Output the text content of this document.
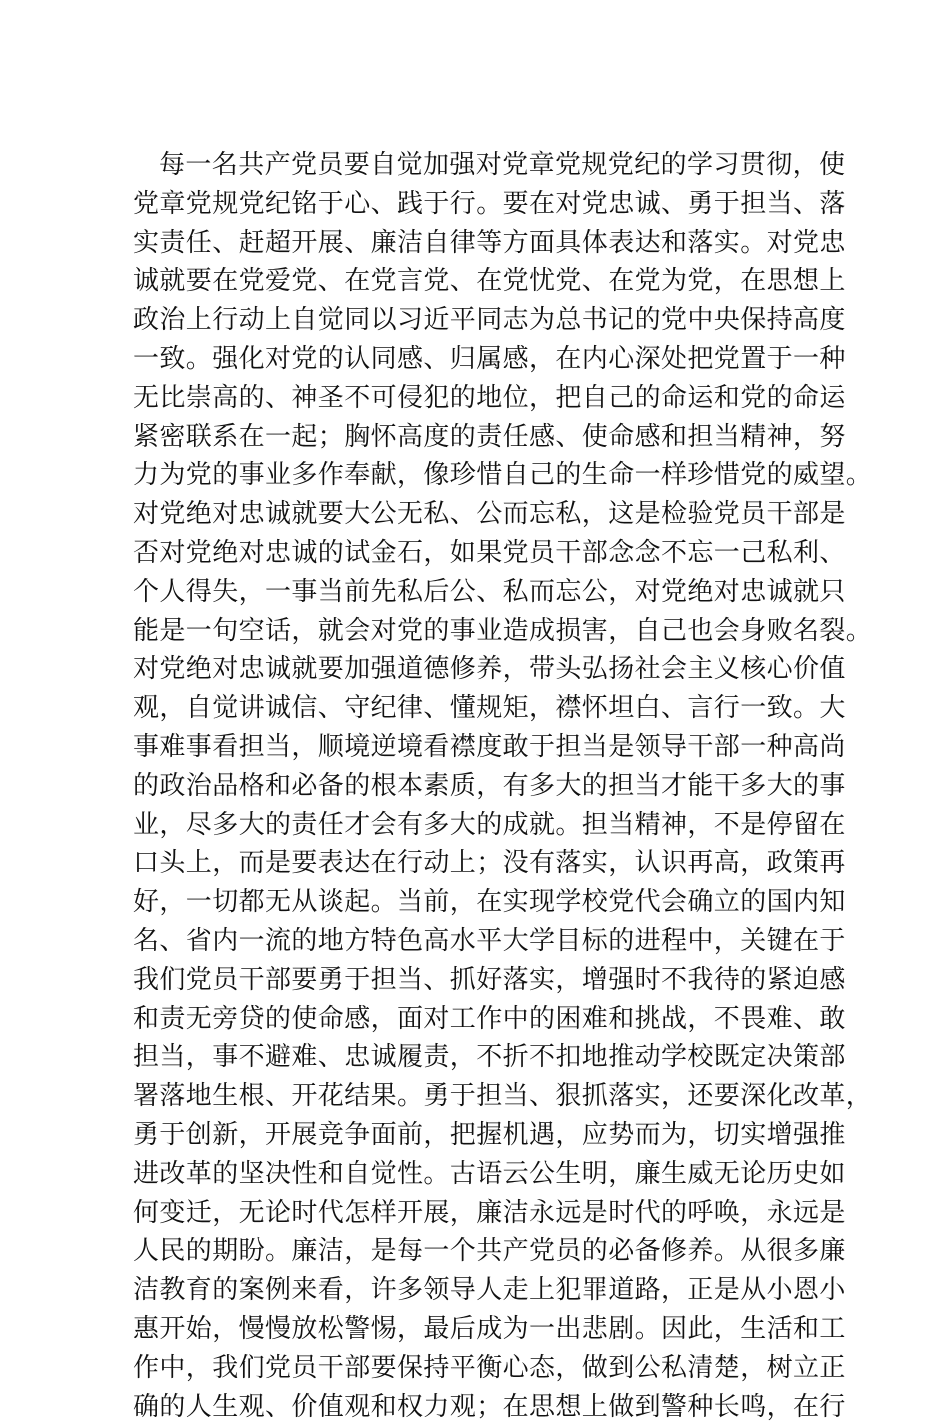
每一名共产党员要自觉加强对党章党规党纪的学习贯彻，使
党章党规党纪铭于心、践于行。要在对党忠诚、勇于担当、落
实责任、赶超开展、廉洁自律等方面具体表达和落实。对党忠
诚就要在党爱党、在党言党、在党忧党、在党为党，在思想上
政治上行动上自觉同以习近平同志为总书记的党中央保持高度
一致。强化对党的认同感、归属感，在内心深处把党置于一种
无比崇高的、神圣不可侵犯的地位，把自己的命运和党的命运
紧密联系在一起；胸怀高度的责任感、使命感和担当精神，努
力为党的事业多作奉献，像珍惜自己的生命一样珍惜党的威望。
对党绝对忠诚就要大公无私、公而忘私，这是检验党员干部是
否对党绝对忠诚的试金石，如果党员干部念念不忘一己私利、
个人得失，一事当前先私后公、私而忘公，对党绝对忠诚就只
能是一句空话，就会对党的事业造成损害，自己也会身败名裂。
对党绝对忠诚就要加强道德修养，带头弘扬社会主义核心价值
观，自觉讲诚信、守纪律、懂规矩，襟怀坦白、言行一致。大
事难事看担当，顺境逆境看襟度敢于担当是领导干部一种高尚
的政治品格和必备的根本素质，有多大的担当才能干多大的事
业，尽多大的责任才会有多大的成就。担当精神，不是停留在
口头上，而是要表达在行动上；没有落实，认识再高，政策再
好，一切都无从谈起。当前，在实现学校党代会确立的国内知
名、省内一流的地方特色高水平大学目标的进程中，关键在于
我们党员干部要勇于担当、抓好落实，增强时不我待的紧迫感
和责无旁贷的使命感，面对工作中的困难和挑战，不畏难、敢
担当，事不避难、忠诚履责，不折不扣地推动学校既定决策部
署落地生根、开花结果。勇于担当、狠抓落实，还要深化改革，
勇于创新，开展竞争面前，把握机遇，应势而为，切实增强推
进改革的坚决性和自觉性。古语云公生明，廉生威无论历史如
何变迁，无论时代怎样开展，廉洁永远是时代的呼唤，永远是
人民的期盼。廉洁，是每一个共产党员的必备修养。从很多廉
洁教育的案例来看，许多领导人走上犯罪道路，正是从小恩小
惠开始，慢慢放松警惕，最后成为一出悲剧。因此，生活和工
作中，我们党员干部要保持平衡心态，做到公私清楚，树立正
确的人生观、价值观和权力观；在思想上做到警种长鸣，在行
